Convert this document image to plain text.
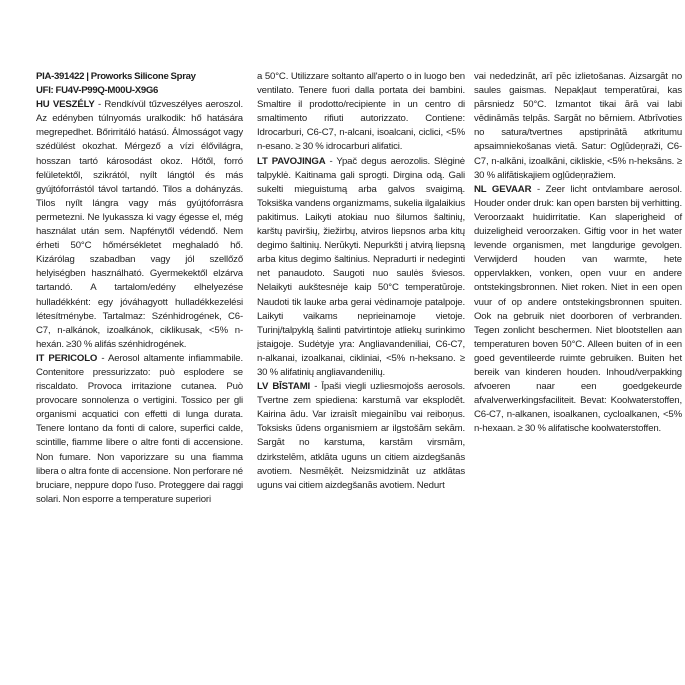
PIA-391422 | Proworks Silicone Spray

UFI: FU4V-P99Q-M00U-X9G6

HU VESZÉLY - Rendkívül tűzveszélyes aeroszol. Az edényben túlnyomás uralkodik: hő hatására megrepedhet. Bőrirritáló hatású. Álmosságot vagy szédülést okozhat. Mérgező a vízi élővilágra, hosszan tartó károsodást okoz. Hőtől, forró felületektől, szikrától, nyílt lángtól és más gyújtóforrástól távol tartandó. Tilos a dohányzás. Tilos nyílt lángra vagy más gyújtóforrásra permetezni. Ne lyukassza ki vagy égesse el, még használat után sem. Napfénytől védendő. Nem érheti 50°C hőmérsékletet meghaladó hő. Kizárólag szabadban vagy jól szellőző helyiségben használható. Gyermekektől elzárva tartandó. A tartalom/edény elhelyezése hulladékként: egy jóváhagyott hulladékkezelési létesítménybe. Tartalmaz: Szénhidrogének, C6-C7, n-alkánok, izoalkánok, ciklikusak, <5% n-hexán. ≥30 % alifás szénhidrogének.

IT PERICOLO - Aerosol altamente infiammabile. Contenitore pressurizzato: può esplodere se riscaldato. Provoca irritazione cutanea. Può provocare sonnolenza o vertigini. Tossico per gli organismi acquatici con effetti di lunga durata. Tenere lontano da fonti di calore, superfici calde, scintille, fiamme libere o altre fonti di accensione. Non fumare. Non vaporizzare su una fiamma libera o altra fonte di accensione. Non perforare né bruciare, neppure dopo l'uso. Proteggere dai raggi solari. Non esporre a temperature superiori

a 50°C. Utilizzare soltanto all'aperto o in luogo ben ventilato. Tenere fuori dalla portata dei bambini. Smaltire il prodotto/recipiente in un centro di smaltimento rifiuti autorizzato. Contiene: Idrocarburi, C6-C7, n-alcani, isoalcani, ciclici, <5% n-esano. ≥ 30 % idrocarburi alifatici.

LT PAVOJINGA - Ypač degus aerozolis. Slėginė talpyklė. Kaitinama gali sprogti. Dirgina odą. Gali sukelti mieguistumą arba galvos svaigimą. Toksiška vandens organizmams, sukelia ilgalaikius pakitimus. Laikyti atokiau nuo šilumos šaltinių, karštų paviršių, žiežirbų, atviros liepsnos arba kitų degimo šaltinių. Nerūkyti. Nepurkšti į atvirą liepsną arba kitus degimo šaltinius. Nepradurti ir nedeginti net panaudoto. Saugoti nuo saulės šviesos. Nelaikyti aukštesnėje kaip 50°C temperatūroje. Naudoti tik lauke arba gerai vėdinamoje patalpoje. Laikyti vaikams neprieinamoje vietoje. Turinį/talpyklą šalinti patvirtintoje atliekų surinkimo įstaigoje. Sudėtyje yra: Angliavandeniliai, C6-C7, n-alkanai, izoalkanai, cikliniai, <5% n-heksano. ≥ 30 % alifatinių angliavandenilių.

LV BĪSTAMI - Īpaši viegli uzliesmojošs aerosols. Tvertne zem spiediena: karstumā var eksplodēt. Kairina ādu. Var izraisīt miegainību vai reiboņus. Toksisks ūdens organismiem ar ilgstošām sekām. Sargāt no karstuma, karstām virsmām, dzirkstelēm, atklāta uguns un citiem aizdegšanās avotiem. Nesmēķēt. Neizsmidzināt uz atklātas uguns vai citiem aizdegšanās avotiem. Nedurt

vai nededzināt, arī pēc izlietošanas. Aizsargāt no saules gaismas. Nepakļaut temperatūrai, kas pārsniedz 50°C. Izmantot tikai ārā vai labi vēdināmās telpās. Sargāt no bērniem. Atbrīvoties no satura/tvertnes apstiprinātā atkritumu apsaimniekošanas vietā. Satur: Ogļūdeņraži, C6-C7, n-alkāni, izoalkāni, cikliskie, <5% n-heksāns. ≥ 30 % alifātiskajiem ogļūdeņražiem.

NL GEVAAR - Zeer licht ontvlambare aerosol. Houder onder druk: kan open barsten bij verhitting. Veroorzaakt huidirritatie. Kan slaperigheid of duizeligheid veroorzaken. Giftig voor in het water levende organismen, met langdurige gevolgen. Verwijderd houden van warmte, hete oppervlakken, vonken, open vuur en andere ontstekingsbronnen. Niet roken. Niet in een open vuur of op andere ontstekingsbronnen spuiten. Ook na gebruik niet doorboren of verbranden. Tegen zonlicht beschermen. Niet blootstellen aan temperaturen boven 50°C. Alleen buiten of in een goed geventileerde ruimte gebruiken. Buiten het bereik van kinderen houden. Inhoud/verpakking afvoeren naar een goedgekeurde afvalverwerkingsfaciliteit. Bevat: Koolwaterstoffen, C6-C7, n-alkanen, isoalkanen, cycloalkanen, <5% n-hexaan. ≥ 30 % alifatische koolwaterstoffen.
